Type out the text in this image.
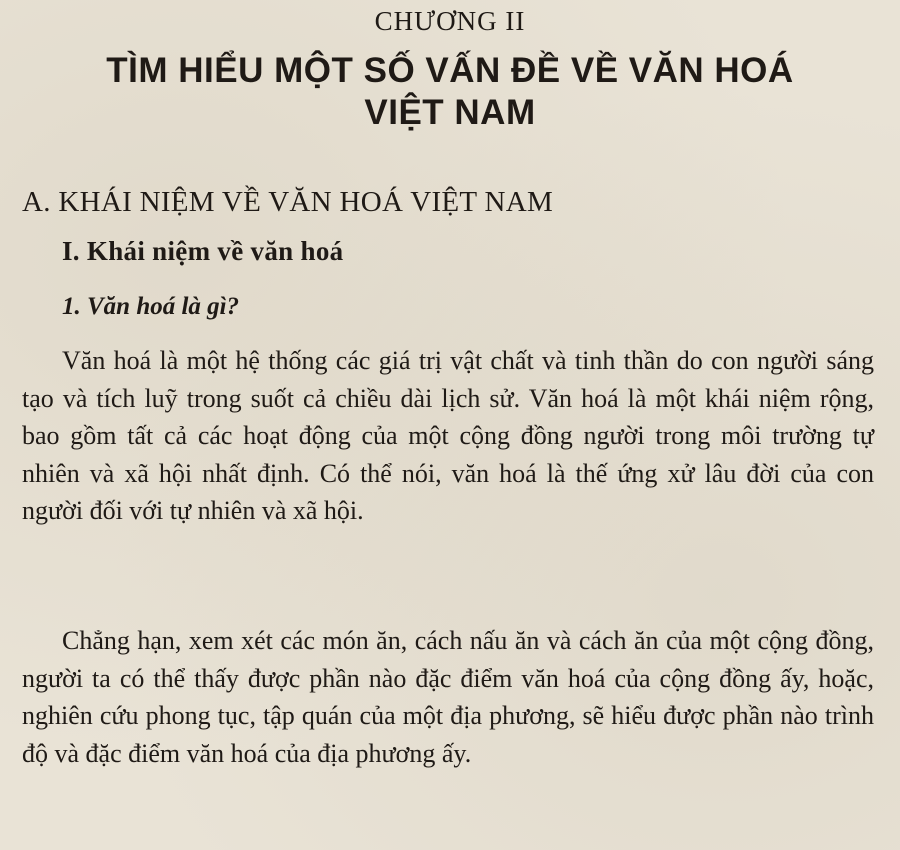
CHƯƠNG II
TÌM HIỂU MỘT SỐ VẤN ĐỀ VỀ VĂN HOÁ
VIỆT NAM
A. KHÁI NIỆM VỀ VĂN HOÁ VIỆT NAM
I. Khái niệm về văn hoá
1. Văn hoá là gì?

Văn hoá là một hệ thống các giá trị vật chất và tinh thần do con người sáng tạo và tích luỹ trong suốt cả chiều dài lịch sử. Văn hoá là một khái niệm rộng, bao gồm tất cả các hoạt động của một cộng đồng người trong môi trường tự nhiên và xã hội nhất định. Có thể nói, văn hoá là thế ứng xử lâu đời của con người đối với tự nhiên và xã hội.

Chẳng hạn, xem xét các món ăn, cách nấu ăn và cách ăn của một cộng đồng, người ta có thể thấy được phần nào đặc điểm văn hoá của cộng đồng ấy, hoặc, nghiên cứu phong tục, tập quán của một địa phương, sẽ hiểu được phần nào trình độ và đặc điểm văn hoá của địa phương ấy.
